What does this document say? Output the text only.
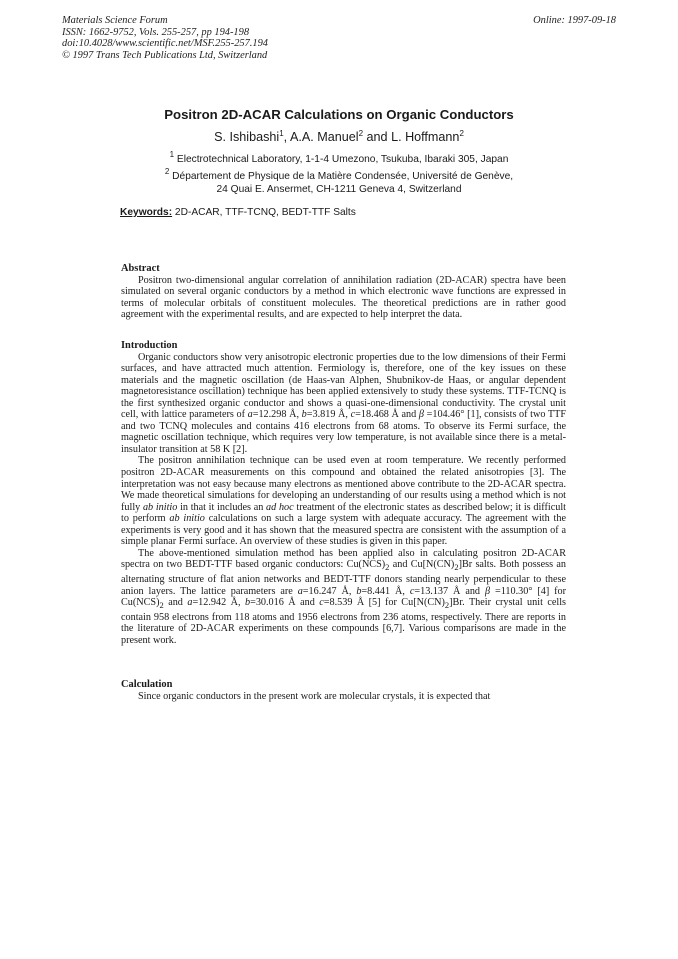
Materials Science Forum
ISSN: 1662-9752, Vols. 255-257, pp 194-198
doi:10.4028/www.scientific.net/MSF.255-257.194
© 1997 Trans Tech Publications Ltd, Switzerland
Online: 1997-09-18
Positron 2D-ACAR Calculations on Organic Conductors
S. Ishibashi$^1$, A.A. Manuel$^2$ and L. Hoffmann$^2$
$^1$ Electrotechnical Laboratory, 1-1-4 Umezono, Tsukuba, Ibaraki 305, Japan
$^2$ Département de Physique de la Matière Condensée, Université de Genève,
24 Quai E. Ansermet, CH-1211 Geneva 4, Switzerland
Keywords: 2D-ACAR, TTF-TCNQ, BEDT-TTF Salts
Abstract

Positron two-dimensional angular correlation of annihilation radiation (2D-ACAR) spectra have been simulated on several organic conductors by a method in which electronic wave functions are expressed in terms of molecular orbitals of constituent molecules. The theoretical predictions are in rather good agreement with the experimental results, and are expected to help interpret the data.

Introduction

Organic conductors show very anisotropic electronic properties due to the low dimensions of their Fermi surfaces, and have attracted much attention. Fermiology is, therefore, one of the key issues on these materials and the magnetic oscillation (de Haas-van Alphen, Shubnikov-de Haas, or angular dependent magnetoresistance oscillation) technique has been applied extensively to study these systems. TTF-TCNQ is the first synthesized organic conductor and shows a quasi-one-dimensional conductivity. The crystal unit cell, with lattice parameters of a=12.298 Å, b=3.819 Å, c=18.468 Å and β =104.46° [1], consists of two TTF and two TCNQ molecules and contains 416 electrons from 68 atoms. To observe its Fermi surface, the magnetic oscillation technique, which requires very low temperature, is not available since there is a metal-insulator transition at 58 K [2].

The positron annihilation technique can be used even at room temperature. We recently performed positron 2D-ACAR measurements on this compound and obtained the related anisotropies [3]. The interpretation was not easy because many electrons as mentioned above contribute to the 2D-ACAR spectra. We made theoretical simulations for developing an understanding of our results using a method which is not fully ab initio in that it includes an ad hoc treatment of the electronic states as described below; it is difficult to perform ab initio calculations on such a large system with adequate accuracy. The agreement with the experiments is very good and it has shown that the measured spectra are consistent with the assumption of a simple planar Fermi surface. An overview of these studies is given in this paper.

The above-mentioned simulation method has been applied also in calculating positron 2D-ACAR spectra on two BEDT-TTF based organic conductors: $Cu(NCS)_2$ and $Cu[N(CN)_2]Br$ salts. Both possess an alternating structure of flat anion networks and BEDT-TTF donors standing nearly perpendicular to these anion layers. The lattice parameters are a=16.247 Å, b=8.441 Å, c=13.137 Å and β =110.30° [4] for $Cu(NCS)_2$ and a=12.942 Å, b=30.016 Å and c=8.539 Å [5] for $Cu[N(CN)_2]Br$. Their crystal unit cells contain 958 electrons from 118 atoms and 1956 electrons from 236 atoms, respectively. There are reports in the literature of 2D-ACAR experiments on these compounds [6,7]. Various comparisons are made in the present work.

Calculation

Since organic conductors in the present work are molecular crystals, it is expected that
